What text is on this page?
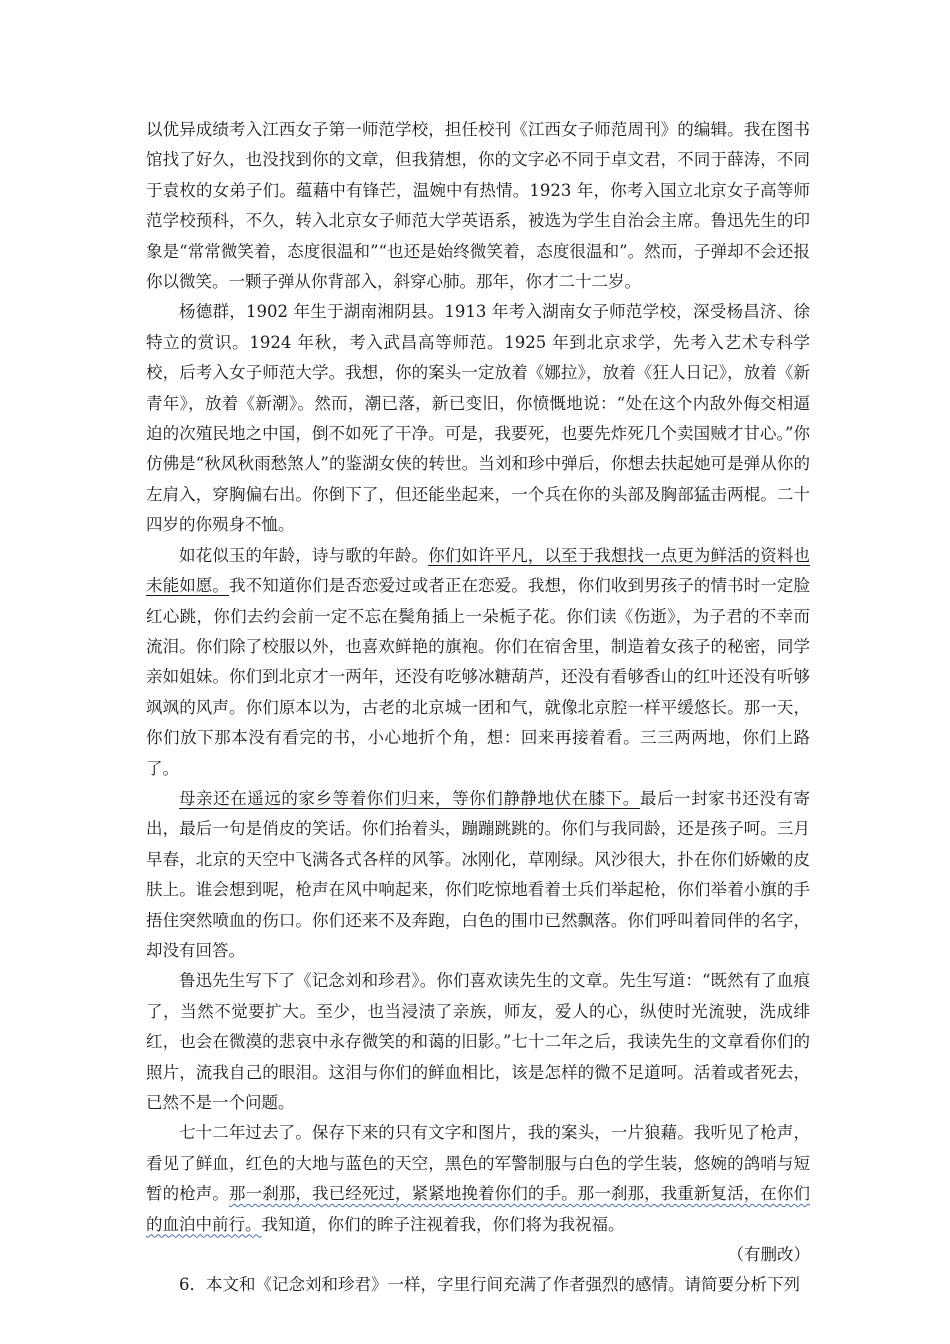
以优异成绩考入江西女子第一师范学校，担任校刊《江西女子师范周刊》的编辑。我在图书馆找了好久，也没找到你的文章，但我猜想，你的文字必不同于卓文君，不同于薛涛，不同于袁枚的女弟子们。蕴藉中有锋芒，温婉中有热情。1923 年，你考入国立北京女子高等师范学校预科，不久，转入北京女子师范大学英语系，被选为学生自治会主席。鲁迅先生的印象是“常常微笑着，态度很温和”“也还是始终微笑着，态度很温和”。然而，子弹却不会还报你以微笑。一颗子弹从你背部入，斜穿心肺。那年，你才二十二岁。

杨德群，1902 年生于湖南湘阴县。1913 年考入湖南女子师范学校，深受杨昌济、徐特立的赏识。1924 年秋，考入武昌高等师范。1925 年到北京求学，先考入艺术专科学校，后考入女子师范大学。我想，你的案头一定放着《娜拉》，放着《狂人日记》，放着《新青年》，放着《新潮》。然而，潮已落，新已变旧，你愤慨地说：“处在这个内敌外侮交相逼迫的次殖民地之中国，倒不如死了干净。可是，我要死，也要先炸死几个卖国贼才甘心。”你仿佛是“秋风秋雨愁煞人”的鉴湖女侠的转世。当刘和珍中弹后，你想去扶起她可是弹从你的左肩入，穿胸偏右出。你倒下了，但还能坐起来，一个兵在你的头部及胸部猛击两棍。二十四岁的你殒身不恤。

如花似玉的年龄，诗与歌的年龄。你们如许平凡，以至于我想找一点更为鲜活的资料也未能如愿。我不知道你们是否恋爱过或者正在恋爱。我想，你们收到男孩子的情书时一定脸红心跳，你们去约会前一定不忘在鬓角插上一朵栀子花。你们读《伤逝》，为子君的不幸而流泪。你们除了校服以外，也喜欢鲜艳的旗袍。你们在宿舍里，制造着女孩子的秘密，同学亲如姐妹。你们到北京才一两年，还没有吃够冰糖葫芦，还没有看够香山的红叶还没有听够飒飒的风声。你们原本以为，古老的北京城一团和气，就像北京腔一样平缓悠长。那一天，你们放下那本没有看完的书，小心地折个角，想：回来再接着看。三三两两地，你们上路了。

母亲还在遥远的家乡等着你们归来，等你们静静地伏在膝下。最后一封家书还没有寄出，最后一句是俏皮的笑话。你们抬着头，蹦蹦跳跳的。你们与我同龄，还是孩子呵。三月早春，北京的天空中飞满各式各样的风筝。冰刚化，草刚绿。风沙很大，扑在你们娇嫩的皮肤上。谁会想到呢，枪声在风中响起来，你们吃惊地看着士兵们举起枪，你们举着小旗的手捂住突然喷血的伤口。你们还来不及奔跑，白色的围巾已然飘落。你们呼叫着同伴的名字，却没有回答。

鲁迅先生写下了《记念刘和珍君》。你们喜欢读先生的文章。先生写道：“既然有了血痕了，当然不觉要扩大。至少，也当浸渍了亲族，师友，爱人的心，纵使时光流驶，洗成绯红，也会在微漠的悲哀中永存微笑的和蔼的旧影。”七十二年之后，我读先生的文章看你们的照片，流我自己的眼泪。这泪与你们的鲜血相比，该是怎样的微不足道呵。活着或者死去，已然不是一个问题。

七十二年过去了。保存下来的只有文字和图片，我的案头，一片狼藉。我听见了枪声，看见了鲜血，红色的大地与蓝色的天空，黑色的军警制服与白色的学生装，悠婉的鸽哨与短暂的枪声。那一刹那，我已经死过，紧紧地挽着你们的手。那一刹那，我重新复活，在你们的血泊中前行。我知道，你们的眸子注视着我，你们将为我祝福。

（有删改）

6．本文和《记念刘和珍君》一样，字里行间充满了作者强烈的感情。请简要分析下列
